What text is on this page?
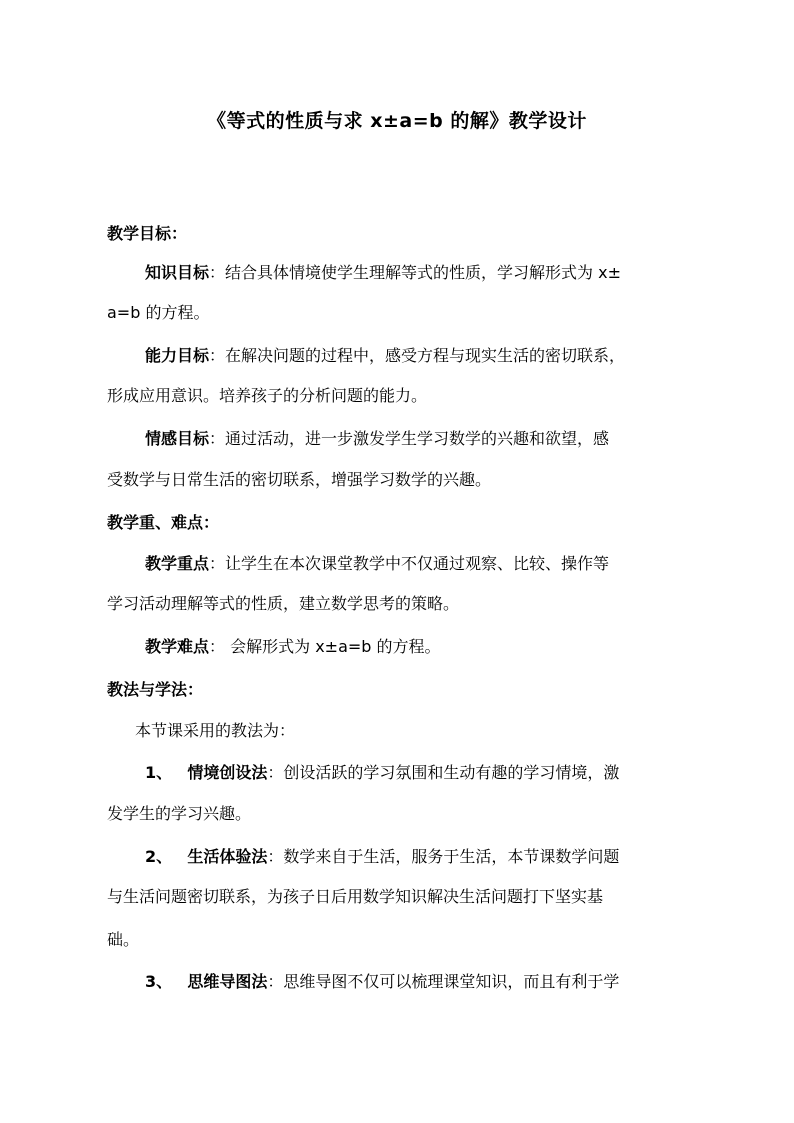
《等式的性质与求 x±a=b 的解》教学设计
教学目标：
知识目标：结合具体情境使学生理解等式的性质，学习解形式为 x±
a=b 的方程。
能力目标：在解决问题的过程中，感受方程与现实生活的密切联系，
形成应用意识。培养孩子的分析问题的能力。
情感目标：通过活动，进一步激发学生学习数学的兴趣和欲望，感
受数学与日常生活的密切联系，增强学习数学的兴趣。
教学重、难点：
教学重点：让学生在本次课堂教学中不仅通过观察、比较、操作等
学习活动理解等式的性质，建立数学思考的策略。
教学难点： 会解形式为 x±a=b 的方程。
教法与学法：
本节课采用的教法为：
1、 情境创设法：创设活跃的学习氛围和生动有趣的学习情境，激
发学生的学习兴趣。
2、 生活体验法：数学来自于生活，服务于生活，本节课数学问题
与生活问题密切联系，为孩子日后用数学知识解决生活问题打下坚实基
础。
3、 思维导图法：思维导图不仅可以梳理课堂知识，而且有利于学
